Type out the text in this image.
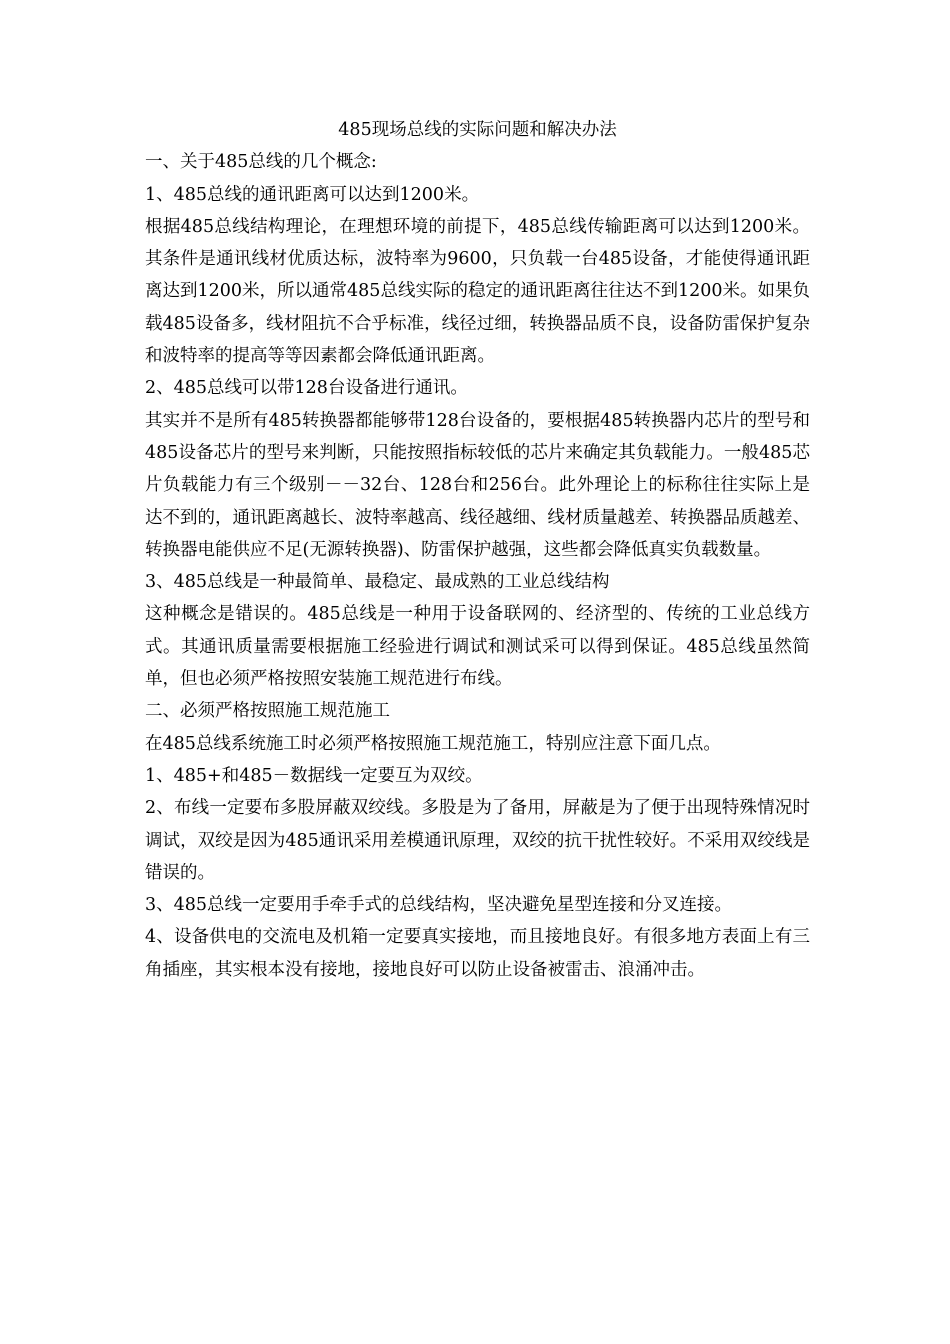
485现场总线的实际问题和解决办法

一、关于485总线的几个概念:

1、485总线的通讯距离可以达到1200米。

根据485总线结构理论，在理想环境的前提下，485总线传输距离可以达到1200米。其条件是通讯线材优质达标，波特率为9600，只负载一台485设备，才能使得通讯距离达到1200米，所以通常485总线实际的稳定的通讯距离往往达不到1200米。如果负载485设备多，线材阻抗不合乎标准，线径过细，转换器品质不良，设备防雷保护复杂和波特率的提高等等因素都会降低通讯距离。

2、485总线可以带128台设备进行通讯。

其实并不是所有485转换器都能够带128台设备的，要根据485转换器内芯片的型号和485设备芯片的型号来判断，只能按照指标较低的芯片来确定其负载能力。一般485芯片负载能力有三个级别－－32台、128台和256台。此外理论上的标称往往实际上是达不到的，通讯距离越长、波特率越高、线径越细、线材质量越差、转换器品质越差、转换器电能供应不足(无源转换器)、防雷保护越强，这些都会降低真实负载数量。

3、485总线是一种最简单、最稳定、最成熟的工业总线结构

这种概念是错误的。485总线是一种用于设备联网的、经济型的、传统的工业总线方式。其通讯质量需要根据施工经验进行调试和测试采可以得到保证。485总线虽然简单，但也必须严格按照安装施工规范进行布线。

二、必须严格按照施工规范施工

在485总线系统施工时必须严格按照施工规范施工，特别应注意下面几点。

1、485+和485－数据线一定要互为双绞。

2、布线一定要布多股屏蔽双绞线。多股是为了备用，屏蔽是为了便于出现特殊情况时调试，双绞是因为485通讯采用差模通讯原理，双绞的抗干扰性较好。不采用双绞线是错误的。

3、485总线一定要用手牵手式的总线结构，坚决避免星型连接和分叉连接。

4、设备供电的交流电及机箱一定要真实接地，而且接地良好。有很多地方表面上有三角插座，其实根本没有接地，接地良好可以防止设备被雷击、浪涌冲击。
